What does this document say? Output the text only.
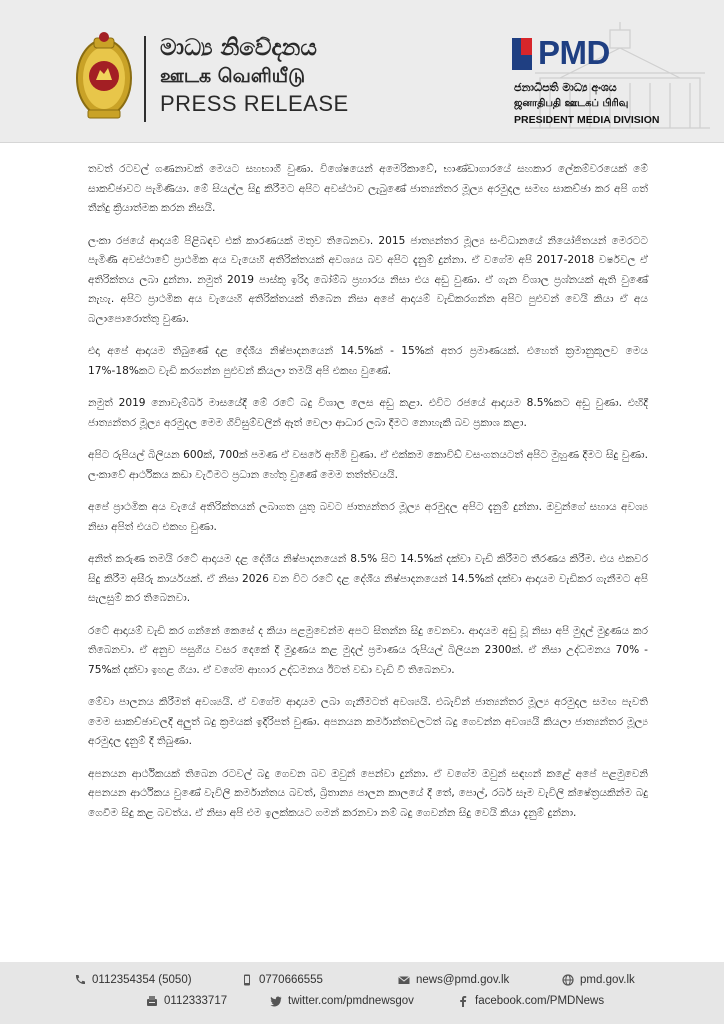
මාධ්‍ය නිවේදනය
ஊடக வெளியீடு
PRESS RELEASE
PMD
ජනාධිපති මාධ්‍ය අංශය
ஜனாதிபதி ஊடகப் பிரிவு
PRESIDENT MEDIA DIVISION

තවත් රටවල් ගණනාවක් මෙයට සහභාගී වුණා. විශේෂයෙන් අමෙරිකාවේ, භාණ්ඩාගාරයේ සහකාර ලේකම්වරයෙක් මේ සාකච්ඡාවට පැමිණියා. මේ සියල්ල සිදු කිරීමට අපිට අවස්ථාව ලැබුණේ ජාත්‍යන්තර මූල්‍ය අරමුදල සමඟ සාකච්ඡා කර අපි ගත් තීන්දු ක්‍රියාත්මක කරන නිසයි.

ලංකා රජයේ ආදායම් පිළිබඳව එක් කාරණයක් මතුව තිබෙනවා. 2015 ජාත්‍යන්තර මූල්‍ය සංවිධානයේ නියෝජිතයන් මෙරටට පැමිණි අවස්ථාවේ ප්‍රාථමික අය වැයෙහි අතිරික්තයක් අවශ්‍යය බව අපිට දැනුම් දුන්නා. ඒ වගේම අපි 2017-2018 වර්ෂවල ඒ අතිරික්තය ලබා දුන්නා. නමුත් 2019 පාස්කු ඉරිදා බෝම්බ ප්‍රහාරය නිසා එය අඩු වුණා. ඒ ගැන විශාල ප්‍රශ්නයක් ඇති වුණේ නැහැ. අපිට ප්‍රාථමික අය වැයෙහි අතිරික්තයක් තිබෙන නිසා අපේ ආදායම් වැඩිකරගන්න අපිට පුළුවන් වෙයි කියා ඒ අය බලාපොරොත්තු වුණා.

එදා අපේ ආදායම තිබුණේ දළ දේශීය නිෂ්පාදනයෙන් 14.5%ක් - 15%ක් අතර ප්‍රමාණයක්. එහෙත් ක්‍රමානුකූලව මෙය 17%-18%කට වැඩි කරගන්න පුළුවන් කියලා තමයි අපි එකඟ වුණේ.

නමුත් 2019 නොවැම්බර් මාසයේදී මේ රටේ බදු විශාල ලෙස අඩු කළා. එවිට රජයේ ආදායම 8.5%කට අඩු වුණා. එහිදී ජාත්‍යන්තර මූල්‍ය අරමුදල මෙම ගිවිසුම්වලින් ඈත් වෙලා ආධාර ලබා දීමට නොහැකි බව ප්‍රකාශ කළා.

අපිට රුපියල් බිලියන 600ක්, 700ක් පමණ ඒ වසරේ අහිමි වුණා. ඒ එක්කම කොවිඩ් වසංගතයටත් අපිට මුහුණ දීමට සිදු වුණා. ලංකාවේ ආර්ථිකය කඩා වැටීමට ප්‍රධාන හේතු වුණේ මෙම තත්ත්වයයි.

අපේ ප්‍රාථමික අය වැයේ අතිරික්තයන් ලබාගත යුතු බවට ජාත්‍යන්තර මූල්‍ය අරමුදල අපිට දැනුම් දුන්නා. ඔවුන්ගේ සහාය අවශ්‍ය නිසා අපිත් එයට එකඟ වුණා.

අනිත් කරුණ තමයි රටේ ආදායම දළ දේශීය නිෂ්පාදනයෙන් 8.5% සිට 14.5%ක් දක්වා වැඩි කිරීමට තීරණය කිරීම. එය එකවර සිදු කිරීම අසීරු කාර්යයක්. ඒ නිසා 2026 වන විට රටේ දළ දේශීය නිෂ්පාදනයෙන් 14.5%ක් දක්වා ආදායම වැඩිකර ගැනීමට අපි සැලසුම් කර තිබෙනවා.

රටේ ආදායම් වැඩි කර ගන්නේ කෙසේ ද කියා පළමුවෙන්ම අපට සිතන්න සිදු වෙනවා. ආදායම අඩු වූ නිසා අපි මුදල් මුද්‍රණය කර තිබෙනවා. ඒ අනුව පසුගිය වසර දෙකේ දී මුද්‍රණය කළ මුදල් ප්‍රමාණය රුපියල් බිලියන 2300ක්. ඒ නිසා උද්ධමනය 70% - 75%ක් දක්වා ඉහළ ගියා. ඒ වගේම ආහාර උද්ධමනය ඊටත් වඩා වැඩි වී තිබෙනවා.

මේවා පාලනය කිරීමත් අවශ්‍යයි. ඒ වගේම ආදායම ලබා ගැනීමටත් අවශ්‍යයි. එබැවින් ජාත්‍යන්තර මූල්‍ය අරමුදල සමඟ පැවති මෙම සාකච්ඡාවලදී අලුත් බදු ක්‍රමයක් ඉදිරිපත් වුණා. අපනයන කර්මාන්තවලටත් බදු ගෙවන්න අවශ්‍යයි කියලා ජාත්‍යන්තර මූල්‍ය අරමුදල දැනුම් දී තිබුණා.

අපනයන ආර්ථිකයක් තිබෙන රටවල් බදු ගෙවන බව ඔවුන් පෙන්වා දුන්නා. ඒ වගේම ඔවුන් සඳහන් කළේ අපේ පළමුවෙනි අපනයන ආර්ථිකය වුණේ වැවිලි කර්මාන්තය බවත්, බ්‍රිතාන්‍ය පාලන කාලයේ දී තේ, පොල්, රබර් සෑම වැවිලි ක්ෂේත්‍රයකින්ම බදු ගෙවීම සිදු කළ බවත්ය. ඒ නිසා අපි එම ඉලක්කයට ගමන් කරනවා නම් බදු ගෙවන්න සිදු වෙයි කියා දැනුම් දුන්නා.

0112354354 (5050)	0770666555	news@pmd.gov.lk	pmd.gov.lk
0112333717	twitter.com/pmdnewsgov	facebook.com/PMDNews
